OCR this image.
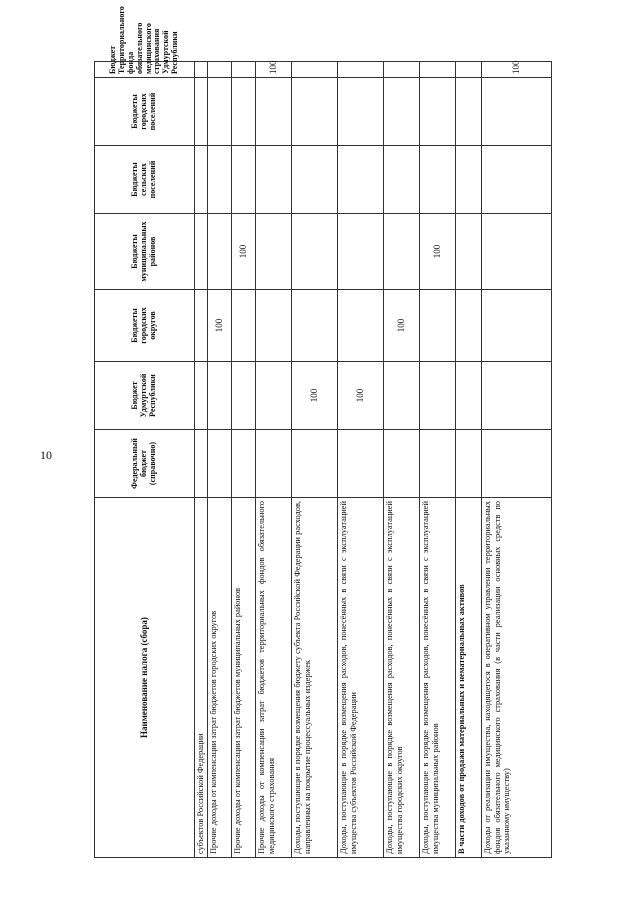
10
Наименование налога (сбора)	Федеральный бюджет (справочно)	Бюджет Удмуртской Республики	Бюджеты городских округов	Бюджеты муниципальных районов	Бюджеты сельских поселений	Бюджеты городских поселений	Бюджет Территориального фонда обязательного медицинского страхования Удмуртской Республики
субъектов Российской Федерации							
Прочие доходы от компенсации затрат бюджетов городских округов			100				
Прочие доходы от компенсации затрат бюджетов муниципальных районов				100			
Прочие доходы от компенсации затрат бюджетов территориальных фондов обязательного медицинского страхования							100
Доходы, поступающие в порядке возмещения бюджету субъекта Российской Федерации расходов, направленных на покрытие процессуальных издержек		100					
Доходы, поступающие в порядке возмещения расходов, понесённых в связи с эксплуатацией имущества субъектов Российской Федерации		100					
Доходы, поступающие в порядке возмещения расходов, понесённых в связи с эксплуатацией имущества городских округов			100				
Доходы, поступающие в порядке возмещения расходов, понесённых в связи с эксплуатацией имущества муниципальных районов				100			
В части доходов от продажи материальных и нематериальных активов							
Доходы от реализации имущества, находящегося в оперативном управлении территориальных фондов обязательного медицинского страхования (в части реализации основных средств по указанному имуществу)							100
